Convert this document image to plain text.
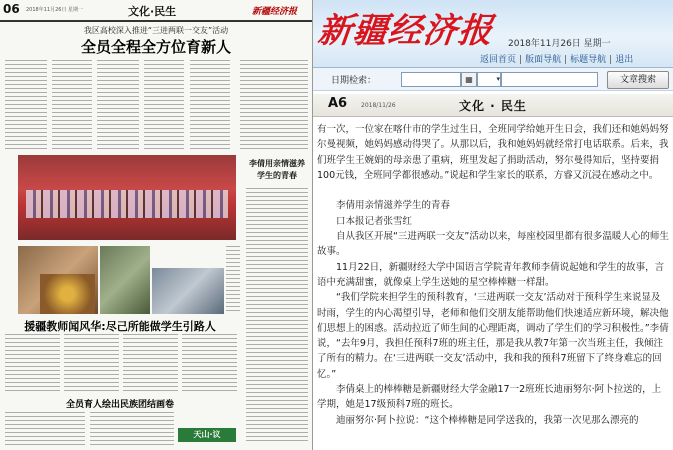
06 2018年11月26日 星期一	文化·民生	新疆经济报
我区高校深入推进“三进两联一交友”活动
全员全程全方位育新人
李倩用亲情滋养学生的青春
援疆教师闻风华:尽己所能做学生引路人
全员育人绘出民族团结画卷
天山·议
新疆经济报 2018年11月26日 星期一
返回首页 | 版面导航 | 标题导航 | 退出
日期检索：	▦	▾	文章搜索
A6 2018/11/26	文化 · 民生

有一次，一位家在喀什市的学生过生日，全班同学给她开生日会，我们还和她妈妈努尔曼视频，她妈妈感动得哭了。从那以后，我和她妈妈就经常打电话联系。后来，我们班学生王婉娟的母亲患了重病，班里发起了捐助活动，努尔曼得知后，坚持要捐100元钱，全班同学都很感动。”说起和学生家长的联系，方睿又沉浸在感动之中。

李倩用亲情滋养学生的青春

口本报记者张雪红

自从我区开展“三进两联一交友”活动以来，每座校园里都有很多温暖人心的师生故事。

11月22日，新疆财经大学中国语言学院青年教师李倩说起她和学生的故事，言语中充满甜蜜，就像桌上学生送她的星空棒棒糖一样甜。

“我们学院来担学生的预科教育，‘三进两联一交友’活动对于预科学生来说显及时雨，学生的内心渴望引导，老师和他们交朋友能帮助他们快速适应新环境，解决他们思想上的困惑。活动拉近了师生间的心理距离，调动了学生们的学习积极性。”李倩说，“去年9月，我担任预科7班的班主任，那是我从教7年第一次当班主任，我倾注了所有的精力。在‘三进两联一交友’活动中，我和我的预科7班留下了终身难忘的回忆。”

李倩桌上的棒棒糖是新疆财经大学金融17一2班班长迪丽努尔·阿卜拉送的，上学期，她是17级预科7班的班长。

迪丽努尔·阿卜拉说：“这个棒棒糖是同学送我的，我第一次见那么漂亮的
